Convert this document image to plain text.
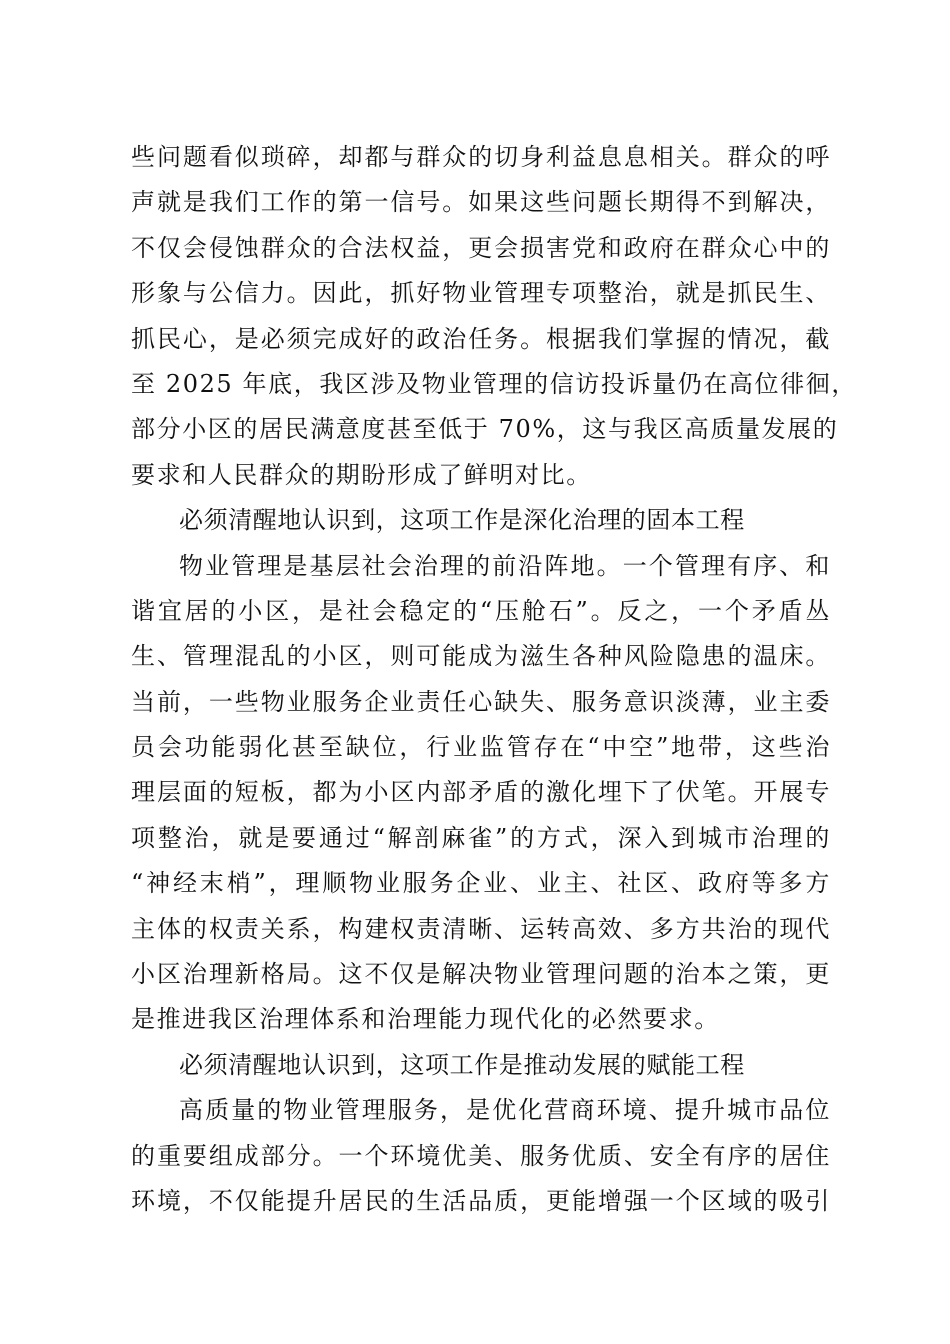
些问题看似琐碎，却都与群众的切身利益息息相关。群众的呼
声就是我们工作的第一信号。如果这些问题长期得不到解决，
不仅会侵蚀群众的合法权益，更会损害党和政府在群众心中的
形象与公信力。因此，抓好物业管理专项整治，就是抓民生、
抓民心，是必须完成好的政治任务。根据我们掌握的情况，截
至 2025 年底，我区涉及物业管理的信访投诉量仍在高位徘徊，
部分小区的居民满意度甚至低于 70%，这与我区高质量发展的
要求和人民群众的期盼形成了鲜明对比。
必须清醒地认识到，这项工作是深化治理的固本工程
物业管理是基层社会治理的前沿阵地。一个管理有序、和
谐宜居的小区，是社会稳定的“压舱石”。反之，一个矛盾丛
生、管理混乱的小区，则可能成为滋生各种风险隐患的温床。
当前，一些物业服务企业责任心缺失、服务意识淡薄，业主委
员会功能弱化甚至缺位，行业监管存在“中空”地带，这些治
理层面的短板，都为小区内部矛盾的激化埋下了伏笔。开展专
项整治，就是要通过“解剖麻雀”的方式，深入到城市治理的
“神经末梢”，理顺物业服务企业、业主、社区、政府等多方
主体的权责关系，构建权责清晰、运转高效、多方共治的现代
小区治理新格局。这不仅是解决物业管理问题的治本之策，更
是推进我区治理体系和治理能力现代化的必然要求。
必须清醒地认识到，这项工作是推动发展的赋能工程
高质量的物业管理服务，是优化营商环境、提升城市品位
的重要组成部分。一个环境优美、服务优质、安全有序的居住
环境，不仅能提升居民的生活品质，更能增强一个区域的吸引
